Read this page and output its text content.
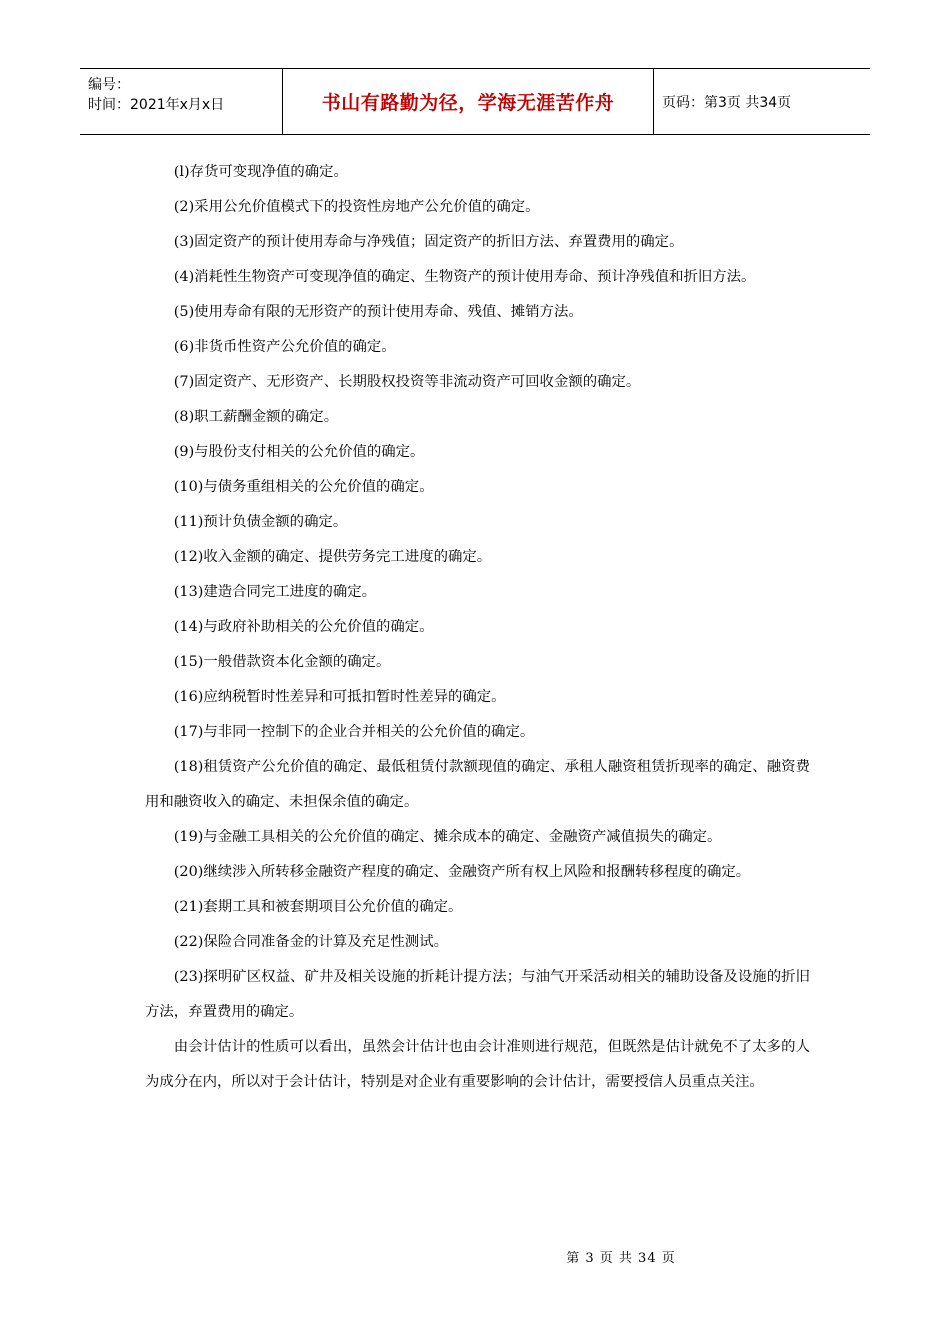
编号：
时间：2021年x月x日	书山有路勤为径，学海无涯苦作舟	页码：第3页 共34页

(l)存货可变现净值的确定。

(2)采用公允价值模式下的投资性房地产公允价值的确定。

(3)固定资产的预计使用寿命与净残值；固定资产的折旧方法、弃置费用的确定。

(4)消耗性生物资产可变现净值的确定、生物资产的预计使用寿命、预计净残值和折旧方法。

(5)使用寿命有限的无形资产的预计使用寿命、残值、摊销方法。

(6)非货币性资产公允价值的确定。

(7)固定资产、无形资产、长期股权投资等非流动资产可回收金额的确定。

(8)职工薪酬金额的确定。

(9)与股份支付相关的公允价值的确定。

(10)与债务重组相关的公允价值的确定。

(11)预计负债金额的确定。

(12)收入金额的确定、提供劳务完工进度的确定。

(13)建造合同完工进度的确定。

(14)与政府补助相关的公允价值的确定。

(15)一般借款资本化金额的确定。

(16)应纳税暂时性差异和可抵扣暂时性差异的确定。

(17)与非同一控制下的企业合并相关的公允价值的确定。

(18)租赁资产公允价值的确定、最低租赁付款额现值的确定、承租人融资租赁折现率的确定、融资费用和融资收入的确定、未担保余值的确定。

(19)与金融工具相关的公允价值的确定、摊余成本的确定、金融资产减值损失的确定。

(20)继续涉入所转移金融资产程度的确定、金融资产所有权上风险和报酬转移程度的确定。

(21)套期工具和被套期项目公允价值的确定。

(22)保险合同准备金的计算及充足性测试。

(23)探明矿区权益、矿井及相关设施的折耗计提方法；与油气开采活动相关的辅助设备及设施的折旧方法，弃置费用的确定。

由会计估计的性质可以看出，虽然会计估计也由会计准则进行规范，但既然是估计就免不了太多的人为成分在内，所以对于会计估计，特别是对企业有重要影响的会计估计，需要授信人员重点关注。

第 3 页 共 34 页
